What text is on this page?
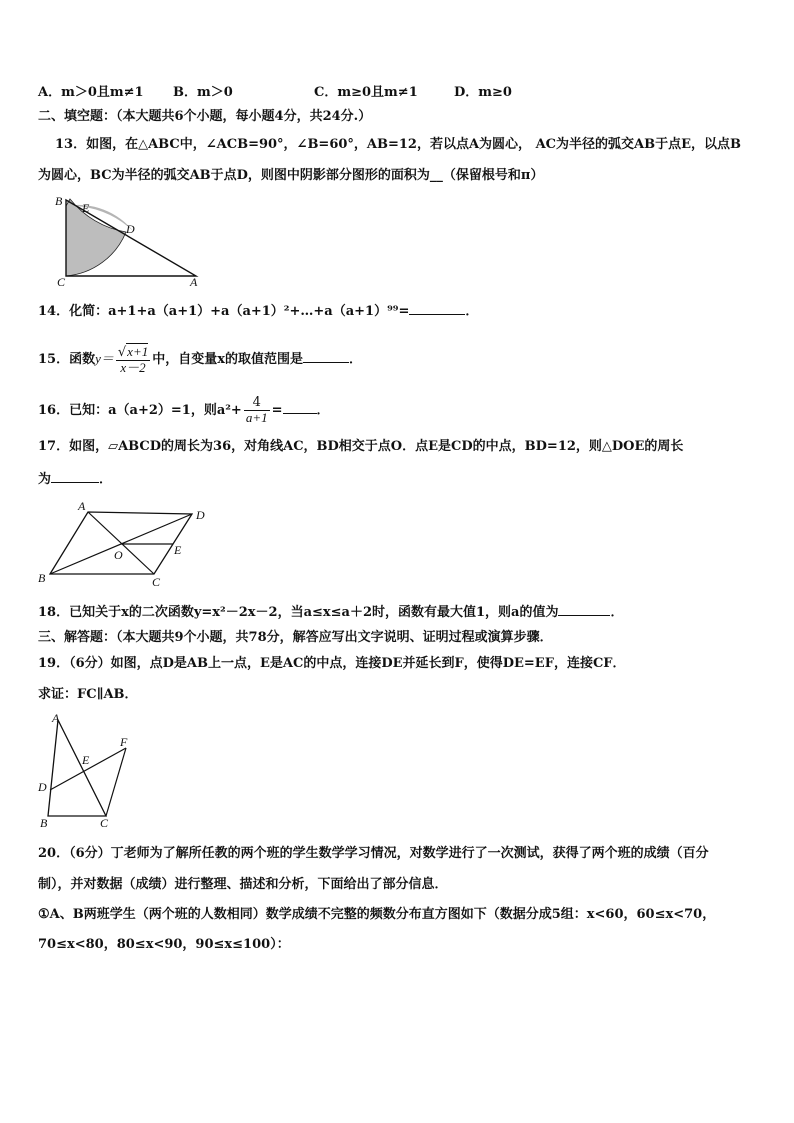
A．m＞0且m≠1 B．m＞0	C．m≥0且m≠1	D．m≥0
二、填空题：（本大题共6个小题，每小题4分，共24分.）
13．如图，在△ABC中，∠ACB=90°，∠B=60°，AB=12，若以点A为圆心， AC为半径的弧交AB于点E，以点B
为圆心，BC为半径的弧交AB于点D，则图中阴影部分图形的面积为__（保留根号和π）
B E
D
C	A
14．化简：a+1+a（a+1）+a（a+1）²+…+a（a+1）⁹⁹=	．
15．函数$y= \frac{√x+1}{x-2}$ 中，自变量x的取值范围是	．
16．已知：a（a+2）=1，则$a^2+ \frac{4}{a+1}$ =	．
17．如图，▱ABCD的周长为36，对角线AC，BD相交于点O．点E是CD的中点，BD=12，则△DOE的周长
为	．
A
D
O	E
B	C
18．已知关于x的二次函数y=x²－2x－2，当a≤x≤a＋2时，函数有最大值1，则a的值为	．
三、解答题：（本大题共9个小题，共78分，解答应写出文字说明、证明过程或演算步骤．
19．（6分）如图，点D是AB上一点，E是AC的中点，连接DE并延长到F，使得DE=EF，连接CF．
求证：FC∥AB．
A
F
E
D
B	C
20．（6分）丁老师为了解所任教的两个班的学生数学学习情况，对数学进行了一次测试，获得了两个班的成绩（百分
制），并对数据（成绩）进行整理、描述和分析，下面给出了部分信息．
①A、B两班学生（两个班的人数相同）数学成绩不完整的频数分布直方图如下（数据分成5组：x<60，60≤x<70，
70≤x<80，80≤x<90，90≤x≤100）：
